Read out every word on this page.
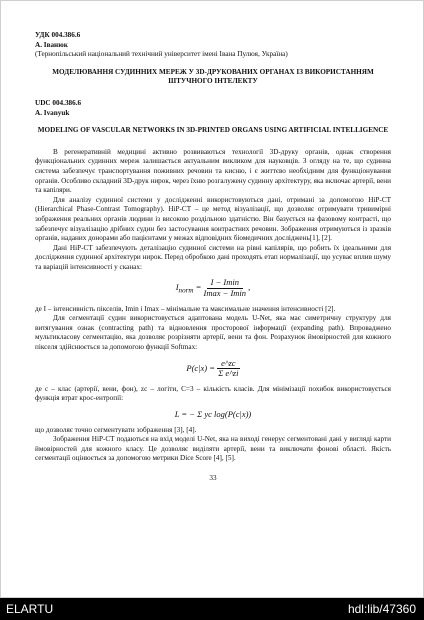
УДК 004.386.6

А. Іванюк

(Тернопільський національний технічний університет імені Івана Пулюя, Україна)

МОДЕЛЮВАННЯ СУДИННИХ МЕРЕЖ У 3D-ДРУКОВАНИХ ОРГАНАХ ІЗ ВИКОРИСТАННЯМ ШТУЧНОГО ІНТЕЛЕКТУ

UDC 004.386.6

A. Ivanyuk

MODELING OF VASCULAR NETWORKS IN 3D-PRINTED ORGANS USING ARTIFICIAL INTELLIGENCE

В регенеративній медицині активно розвиваються технології 3D-друку органів, однак створення функціональних судинних мереж залишається актуальним викликом для науковців. З огляду на те, що судинна система забезпечує транспортування поживних речовин та кисню, і є життєво необхідним для функціонування органів. Особливо складний 3D-друк нирок, через їхню розгалужену судинну архітектуру, яка включає артерії, вени та капіляри.

Для аналізу судинної системи у дослідженні використовуються дані, отримані за допомогою HiP-CT (Hierarchical Phase-Contrast Tomography). HiP-CT – це метод візуалізації, що дозволяє отримувати тривимірні зображення реальних органів людини із високою роздільною здатністю. Він базується на фазовому контрасті, що забезпечує візуалізацію дрібних судин без застосування контрастних речовин. Зображення отримуються із зразків органів, наданих донорами або пацієнтами у межах відповідних біомедичних досліджень[1], [2].

Дані HiP-CT забезпечують деталізацію судинної системи на рівні капілярів, що робить їх ідеальними для дослідження судинної архітектури нирок. Перед обробкою дані проходять етап нормалізації, що усуває вплив шуму та варіацій інтенсивності у сканах:

$I_{norm} = \frac{I - Imin}{Imax - Imin}$ ,

де I – інтенсивність пікселів, Imin і Imax – мінімальне та максимальне значення інтенсивності [2].

Для сегментації судин використовується адаптована модель U-Net, яка має симетричну структуру для витягування ознак (contracting path) та відновлення просторової інформації (expanding path). Впроваджено мультикласову сегментацію, яка дозволяє розрізняти артерії, вени та фон. Розрахунок ймовірностей для кожного пікселя здійснюється за допомогою функції Softmax:

$P(c|x) = \frac{e\^{}zc}{\text{Σ e\textasciicircum{}zi}}$

де c – клас (артерії, вени, фон), zc – логіти, C=3 – кількість класів. Для мінімізації похибок використовується функція втрат крос-ентропії:

L = − Σ yc log(P(c|x))

що дозволяє точно сегментувати зображення [3], [4].

Зображення HiP-CT подаються на вхід моделі U-Net, яка на виході генерує сегментовані дані у вигляді карти ймовірностей для кожного класу. Це дозволяє виділяти артерії, вени та виключати фонові області. Якість сегментації оцінюється за допомогою метрики Dice Score [4], [5].

33

ELARTU	hdl:lib/47360
